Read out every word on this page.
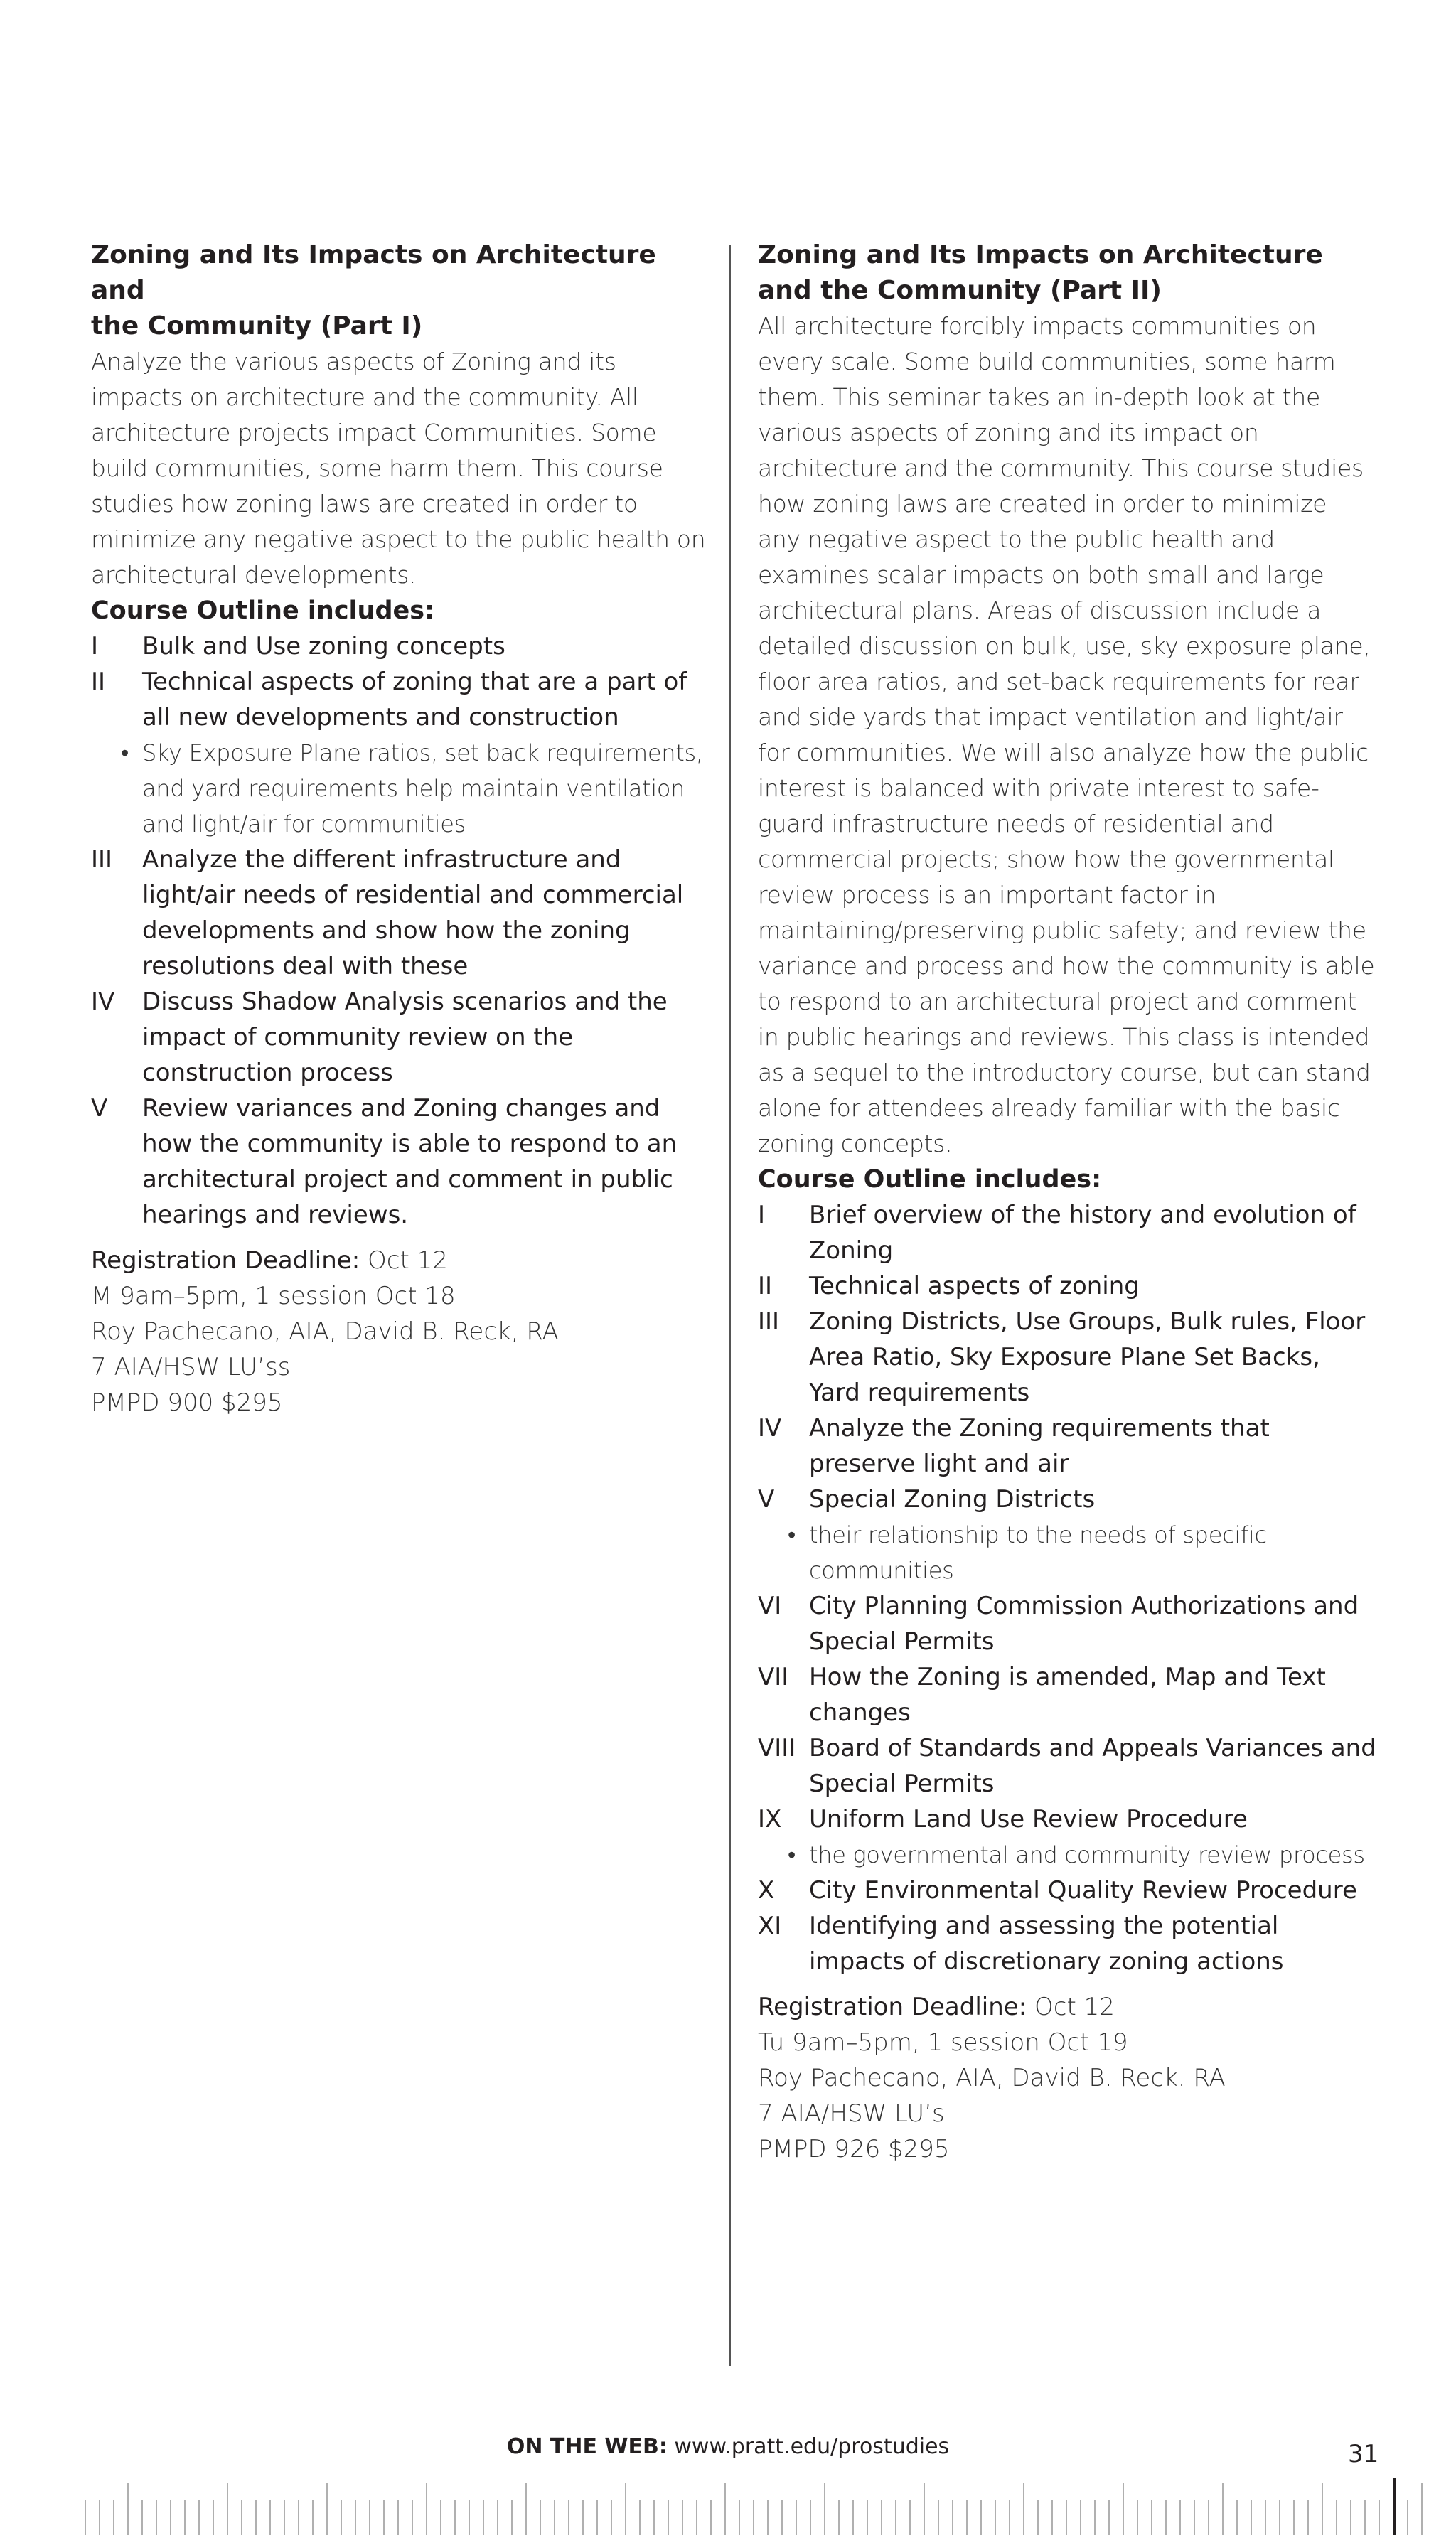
Zoning and Its Impacts on Architecture and
the Community (Part I)

Analyze the various aspects of Zoning and its impacts on architecture and the community. All architecture projects impact Communities. Some build communities, some harm them. This course studies how zoning laws are created in order to minimize any negative aspect to the public health on architectural developments.

Course Outline includes:

I	Bulk and Use zoning concepts
II	Technical aspects of zoning that are a part of all new developments and construction
• Sky Exposure Plane ratios, set back requirements, and yard requirements help maintain ventilation and light/air for communities
III	Analyze the different infrastructure and light/air needs of residential and commercial developments and show how the zoning resolutions deal with these
IV	Discuss Shadow Analysis scenarios and the impact of community review on the construction process
V	Review variances and Zoning changes and how the community is able to respond to an architectural project and comment in public hearings and reviews.
Registration Deadline: Oct 12
M 9am–5pm, 1 session Oct 18
Roy Pachecano, AIA, David B. Reck, RA
7 AIA/HSW LU’ss
PMPD 900 $295

Zoning and Its Impacts on Architecture
and the Community (Part II)

All architecture forcibly impacts communities on every scale. Some build communities, some harm them. This seminar takes an in-depth look at the various aspects of zoning and its impact on architecture and the community. This course studies how zoning laws are created in order to minimize any negative aspect to the public health and examines scalar impacts on both small and large architectural plans. Areas of discussion include a detailed discussion on bulk, use, sky exposure plane, floor area ratios, and set-back requirements for rear and side yards that impact ventilation and light/air for communities. We will also analyze how the public interest is balanced with private interest to safe-guard infrastructure needs of residential and commercial projects; show how the governmental review process is an important factor in maintaining/preserving public safety; and review the variance and process and how the community is able to respond to an architectural project and comment in public hearings and reviews. This class is intended as a sequel to the introductory course, but can stand alone for attendees already familiar with the basic zoning concepts.

Course Outline includes:

I	Brief overview of the history and evolution of Zoning
II	Technical aspects of zoning
III	Zoning Districts, Use Groups, Bulk rules, Floor Area Ratio, Sky Exposure Plane Set Backs, Yard requirements
IV	Analyze the Zoning requirements that preserve light and air
V	Special Zoning Districts
• their relationship to the needs of specific communities
VI	City Planning Commission Authorizations and Special Permits
VII How the Zoning is amended, Map and Text changes
VIII Board of Standards and Appeals Variances and Special Permits
IX	Uniform Land Use Review Procedure
• the governmental and community review process
X	City Environmental Quality Review Procedure
XI	Identifying and assessing the potential impacts of discretionary zoning actions
Registration Deadline: Oct 12
Tu 9am–5pm, 1 session Oct 19
Roy Pachecano, AIA, David B. Reck. RA
7 AIA/HSW LU’s
PMPD 926 $295
ON THE WEB: www.pratt.edu/prostudies	31
